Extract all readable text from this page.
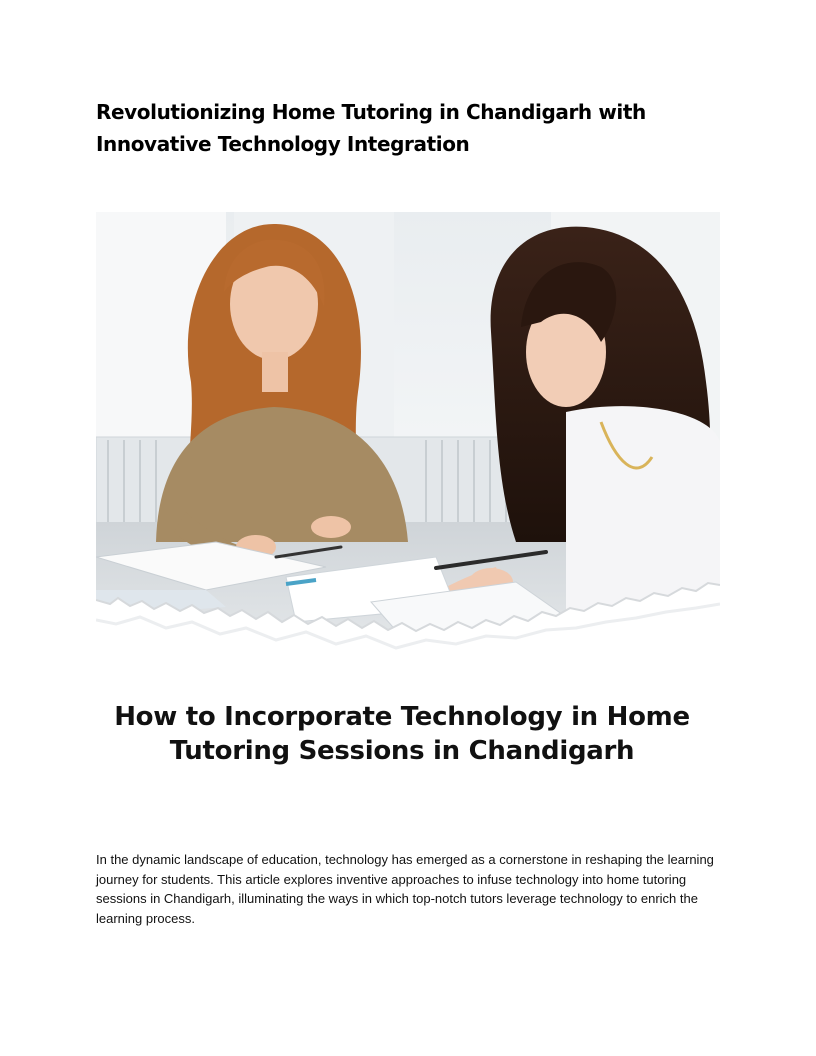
Revolutionizing Home Tutoring in Chandigarh with Innovative Technology Integration
How to Incorporate Technology in Home Tutoring Sessions in Chandigarh

In the dynamic landscape of education, technology has emerged as a cornerstone in reshaping the learning journey for students. This article explores inventive approaches to infuse technology into home tutoring sessions in Chandigarh, illuminating the ways in which top-notch tutors leverage technology to enrich the learning process.
